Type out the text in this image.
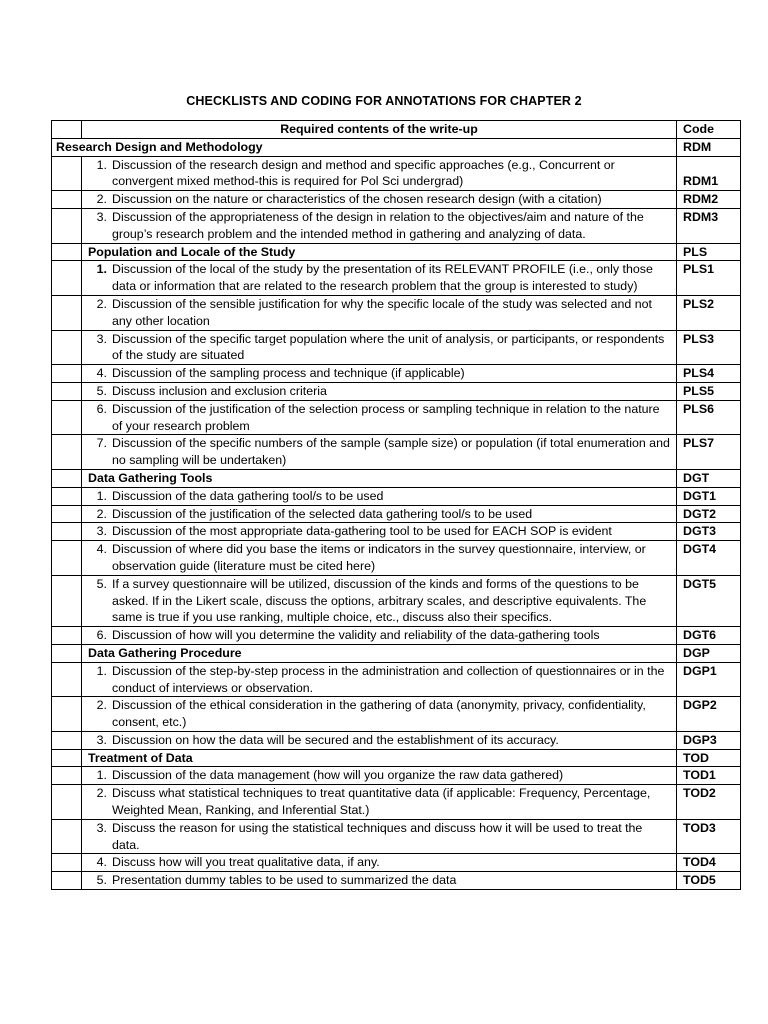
CHECKLISTS AND CODING FOR ANNOTATIONS FOR CHAPTER 2
	Required contents of the write-up	Code
Research Design and Methodology		RDM

	1. Discussion of the research design and method and specific approaches (e.g., Concurrent or convergent mixed method-this is required for Pol Sci undergrad)	RDM1

	2. Discussion on the nature or characteristics of the chosen research design (with a citation)	RDM2

	3. Discussion of the appropriateness of the design in relation to the objectives/aim and nature of the group’s research problem and the intended method in gathering and analyzing of data.	RDM3
	Population and Locale of the Study	PLS

	1. Discussion of the local of the study by the presentation of its RELEVANT PROFILE (i.e., only those data or information that are related to the research problem that the group is interested to study)	PLS1

	2. Discussion of the sensible justification for why the specific locale of the study was selected and not any other location	PLS2

	3. Discussion of the specific target population where the unit of analysis, or participants, or respondents of the study are situated	PLS3

	4. Discussion of the sampling process and technique (if applicable)	PLS4

	5. Discuss inclusion and exclusion criteria	PLS5

	6. Discussion of the justification of the selection process or sampling technique in relation to the nature of your research problem	PLS6

	7. Discussion of the specific numbers of the sample (sample size) or population (if total enumeration and no sampling will be undertaken)	PLS7
	Data Gathering Tools	DGT

	1. Discussion of the data gathering tool/s to be used	DGT1

	2. Discussion of the justification of the selected data gathering tool/s to be used	DGT2

	3. Discussion of the most appropriate data-gathering tool to be used for EACH SOP is evident	DGT3

	4. Discussion of where did you base the items or indicators in the survey questionnaire, interview, or observation guide (literature must be cited here)	DGT4

	5. If a survey questionnaire will be utilized, discussion of the kinds and forms of the questions to be asked. If in the Likert scale, discuss the options, arbitrary scales, and descriptive equivalents. The same is true if you use ranking, multiple choice, etc., discuss also their specifics.	DGT5

	6. Discussion of how will you determine the validity and reliability of the data-gathering tools	DGT6
	Data Gathering Procedure	DGP

	1. Discussion of the step-by-step process in the administration and collection of questionnaires or in the conduct of interviews or observation.	DGP1

	2. Discussion of the ethical consideration in the gathering of data (anonymity, privacy, confidentiality, consent, etc.)	DGP2

	3. Discussion on how the data will be secured and the establishment of its accuracy.	DGP3
	Treatment of Data	TOD

	1. Discussion of the data management (how will you organize the raw data gathered)	TOD1

	2. Discuss what statistical techniques to treat quantitative data (if applicable: Frequency, Percentage, Weighted Mean, Ranking, and Inferential Stat.)	TOD2

	3. Discuss the reason for using the statistical techniques and discuss how it will be used to treat the data.	TOD3

	4. Discuss how will you treat qualitative data, if any.	TOD4

	5. Presentation dummy tables to be used to summarized the data	TOD5
